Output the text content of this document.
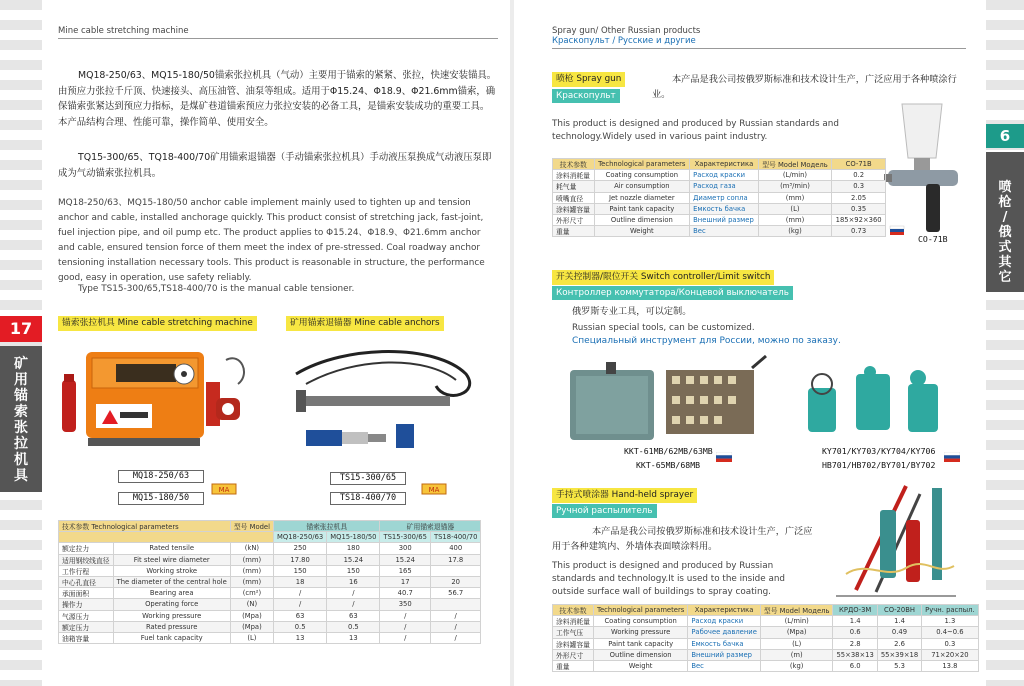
Mine cable stretching machine	Spray gun/ Other Russian products
Краскопульт / Русские и другие
17
矿
用
锚
索
张
拉
机
具
6
喷
枪
/
俄
式
其
它

MQ18-250/63、MQ15-180/50锚索张拉机具（气动）主要用于锚索的紧紧、张拉，快速安装锚具。由预应力张拉千斤顶、快速接头、高压油管、油泵等组成。适用于Φ15.24、Φ18.9、Φ21.6mm锚索，确保锚索张紧达到预应力指标，是煤矿巷道锚索预应力张拉安装的必备工具，是锚索安装成功的重要工具。本产品结构合理、性能可靠，操作简单、使用安全。

TQ15-300/65、TQ18-400/70矿用锚索退锚器（手动锚索张拉机具）手动液压泵换成气动液压泵即成为气动锚索张拉机具。

MQ18-250/63、MQ15-180/50 anchor cable implement mainly used to tighten up and tension anchor and cable, installed anchorage quickly. This product consist of stretching jack, fast-joint, fuel injection pipe, and oil pump etc. The product applies to Φ15.24、Φ18.9、Φ21.6mm anchor and cable, ensured tension force of them meet the index of pre-stressed. Coal roadway anchor tensioning installation necessary tools. This product is reasonable in structure, the performance good, easy in operation, use safety reliably.

Type TS15-300/65,TS18-400/70 is the manual cable tensioner.

锚索张拉机具 Mine cable stretching machine	矿用锚索退锚器 Mine cable anchors
MQ18-250/63
MQ15-180/50
TS15-300/65
TS18-400/70
MA	MA
技术参数 Technological parameters		型号 Model	锚索张拉机具		矿用锚索退锚器	
			MQ18-250/63	MQ15-180/50	TS15-300/65	TS18-400/70
额定拉力	Rated tensile	(kN)	250	180	300	400
适用钢绞线直径	Fit steel wire diameter	(mm)	17.80	15.24	15.24	17.8
工作行程	Working stroke	(mm)	150	150	165	
中心孔直径	The diameter of the central hole	(mm)	18	16	17	20
承面面积	Bearing area	(cm²)	/	/	40.7	56.7
操作力	Operating force	(N)	/	/	350	
气源压力	Working pressure	(Mpa)	63	63	/	/
额定压力	Rated pressure	(Mpa)	0.5	0.5	/	/
油箱容量	Fuel tank capacity	(L)	13	13	/	/
喷枪 Spray gun
Краскопульт

本产品是我公司按俄罗斯标准和技术设计生产，广泛应用于各种喷涂行业。

This product is designed and produced by Russian standards and technology.Widely used in various paint industry.

CO-71B
技术参数	Technological parameters	Характеристика	型号 Model Модель	CO-71B
涂料消耗量	Coating consumption	Расход краски	(L/min)	0.2
耗气量	Air consumption	Расход газа	(m³/min)	0.3
喷嘴直径	Jet nozzle diameter	Диаметр сопла	(mm)	2.05
涂料罐容量	Paint tank capacity	Емкость бачка	(L)	0.35
外形尺寸	Outline dimension	Внешний размер	(mm)	185×92×360
重量	Weight	Вес	(kg)	0.73
开关控制器/限位开关 Switch controller/Limit switch
Контроллер коммутатора/Концевой выключатель

俄罗斯专业工具，可以定制。

Russian special tools, can be customized.

Специальный инструмент для России, можно по заказу.

KKT-61MB/62MB/63MB
KKT-65MB/68MB
KY701/KY703/KY704/KY706
HB701/HB702/BY701/BY702
手持式喷涂器 Hand-held sprayer
Ручной распылитель

本产品是我公司按俄罗斯标准和技术设计生产，广泛应用于各种建筑内、外墙体表面喷涂料用。

This product is designed and produced by Russian standards and technology.It is used to the inside and outside surface wall of buildings to spray coating.

技术参数	Technological parameters	Характеристика	型号 Model Модель	КРДО-3М	СО-20ВН	Ручн. распыл.
涂料消耗量	Coating consumption	Расход краски	(L/min)	1.4	1.4	1.3
工作气压	Working pressure	Рабочее давление	(Mpa)	0.6	0.49	0.4~0.6
涂料罐容量	Paint tank capacity	Емкость бачка	(L)	2.8	2.6	0.3
外形尺寸	Outline dimension	Внешний размер	(m)	55×38×13	55×39×18	71×20×20
重量	Weight	Вес	(kg)	6.0	5.3	13.8
